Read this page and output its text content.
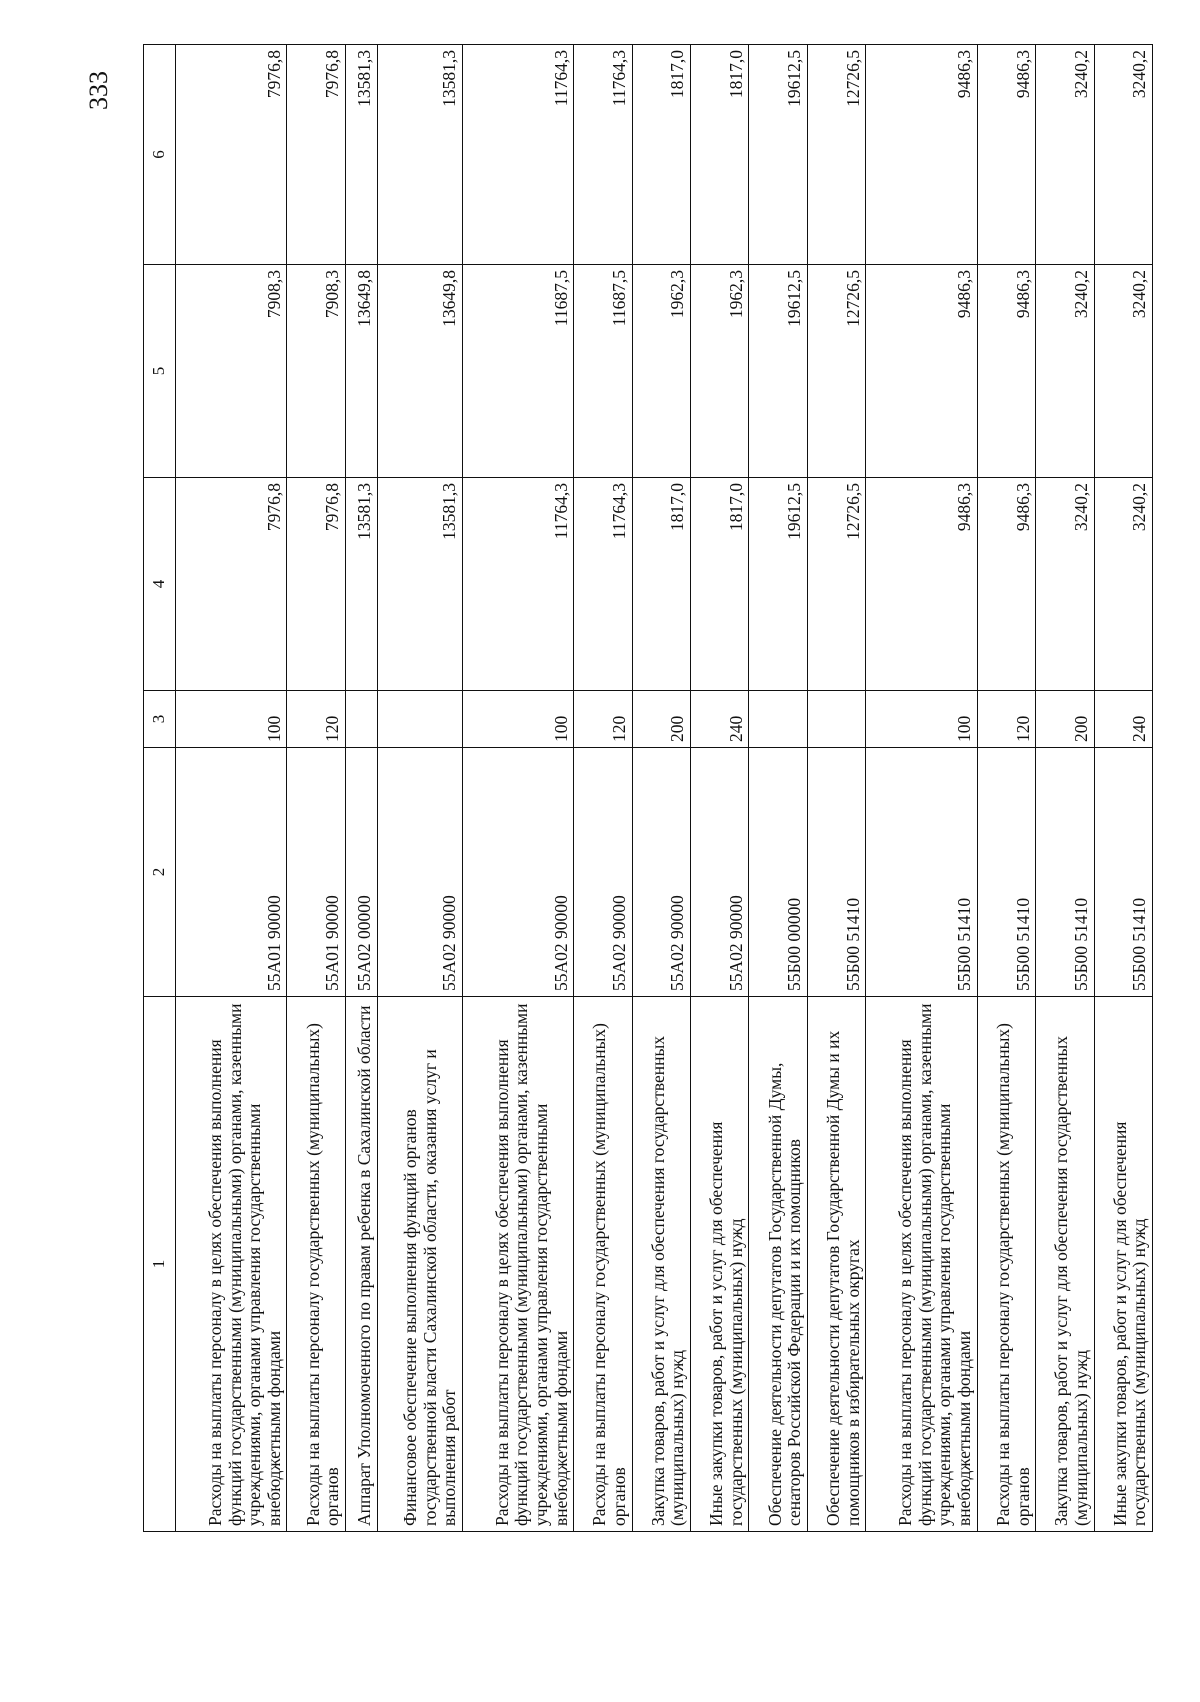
333
1	2	3	4	5	6
Расходы на выплаты персоналу в целях обеспечения выполнения функций государственными (муниципальными) органами, казенными учреждениями, органами управления государственными внебюджетными фондами	55А01 90000	100	7976,8	7908,3	7976,8
Расходы на выплаты персоналу государственных (муниципальных) органов	55А01 90000	120	7976,8	7908,3	7976,8
Аппарат Уполномоченного по правам ребенка в Сахалинской области	55А02 00000		13581,3	13649,8	13581,3
Финансовое обеспечение выполнения функций органов государственной власти Сахалинской области, оказания услуг и выполнения работ	55А02 90000		13581,3	13649,8	13581,3
Расходы на выплаты персоналу в целях обеспечения выполнения функций государственными (муниципальными) органами, казенными учреждениями, органами управления государственными внебюджетными фондами	55А02 90000	100	11764,3	11687,5	11764,3
Расходы на выплаты персоналу государственных (муниципальных) органов	55А02 90000	120	11764,3	11687,5	11764,3
Закупка товаров, работ и услуг для обеспечения государственных (муниципальных) нужд	55А02 90000	200	1817,0	1962,3	1817,0
Иные закупки товаров, работ и услуг для обеспечения государственных (муниципальных) нужд	55А02 90000	240	1817,0	1962,3	1817,0
Обеспечение деятельности депутатов Государственной Думы, сенаторов Российской Федерации и их помощников	55Б00 00000		19612,5	19612,5	19612,5
Обеспечение деятельности депутатов Государственной Думы и их помощников в избирательных округах	55Б00 51410		12726,5	12726,5	12726,5
Расходы на выплаты персоналу в целях обеспечения выполнения функций государственными (муниципальными) органами, казенными учреждениями, органами управления государственными внебюджетными фондами	55Б00 51410	100	9486,3	9486,3	9486,3
Расходы на выплаты персоналу государственных (муниципальных) органов	55Б00 51410	120	9486,3	9486,3	9486,3
Закупка товаров, работ и услуг для обеспечения государственных (муниципальных) нужд	55Б00 51410	200	3240,2	3240,2	3240,2
Иные закупки товаров, работ и услуг для обеспечения государственных (муниципальных) нужд	55Б00 51410	240	3240,2	3240,2	3240,2
